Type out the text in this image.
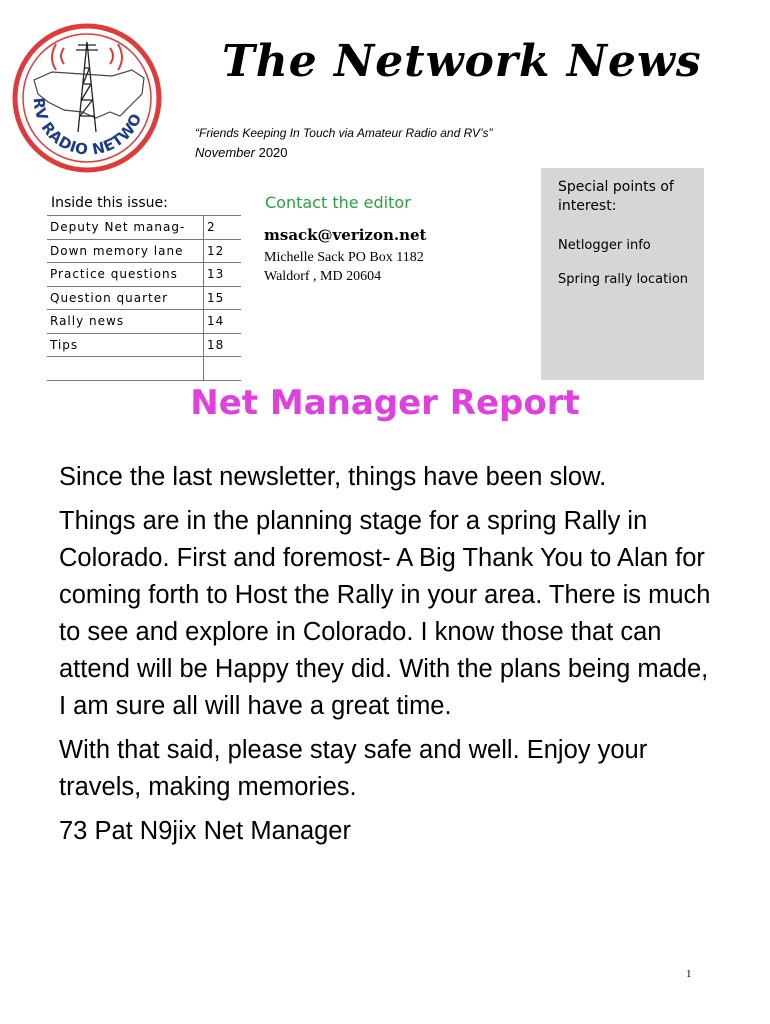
RV RADIO NETWO
The Network News
“Friends Keeping In Touch via Amateur Radio and RV’s”
November 2020
Inside this issue:
Deputy Net manag-	2
Down memory lane	12
Practice questions	13
Question quarter	15
Rally news	14
Tips	18

Contact the editor
msack@verizon.net
Michelle Sack PO Box 1182
Waldorf , MD 20604
Special points of interest:
Netlogger info
Spring rally location
Net Manager Report

Since the last newsletter, things have been slow.

Things are in the planning stage for a spring Rally in Colorado. First and foremost- A Big Thank You to Alan for coming forth to Host the Rally in your area. There is much to see and explore in Colorado. I know those that can attend will be Happy they did. With the plans being made, I am sure all will have a great time.

With that said, please stay safe and well. Enjoy your travels, making memories.

73 Pat N9jix Net Manager

1
